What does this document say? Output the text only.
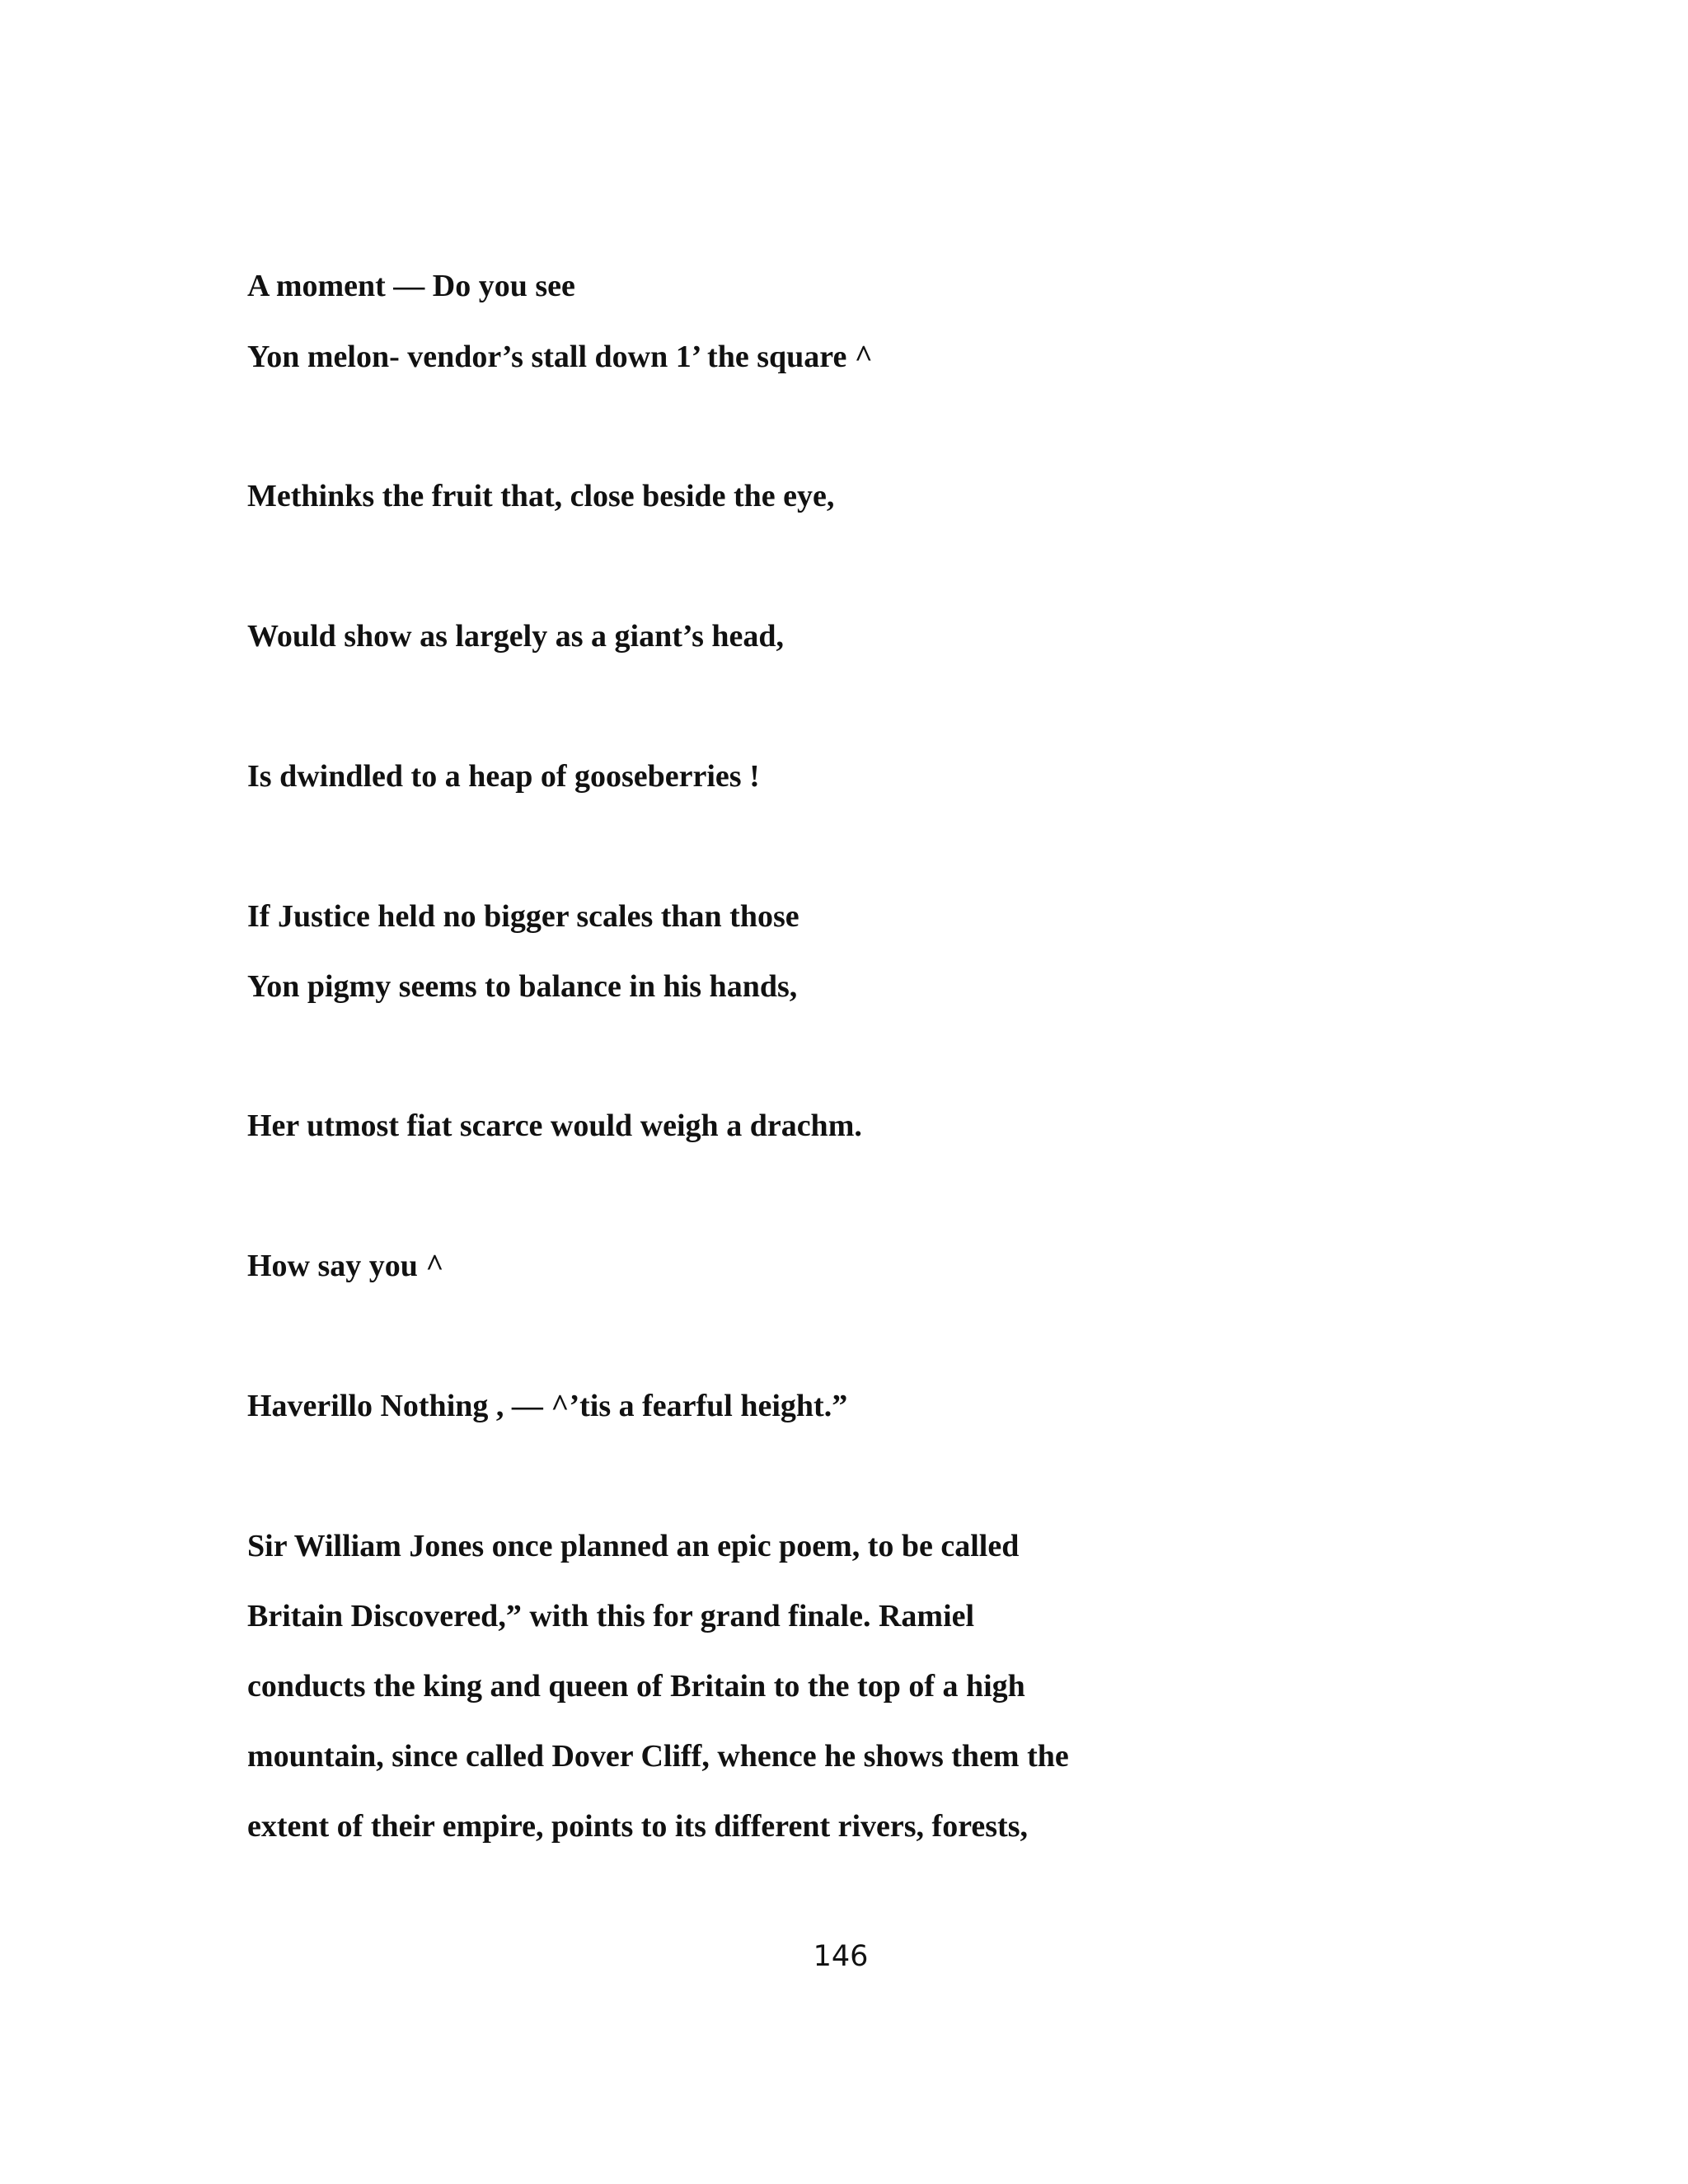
A moment — Do you see
Yon melon- vendor’s stall down 1’ the square ^
Methinks the fruit that, close beside the eye,
Would show as largely as a giant’s head,
Is dwindled to a heap of gooseberries !
If Justice held no bigger scales than those
Yon pigmy seems to balance in his hands,
Her utmost fiat scarce would weigh a drachm.
How say you ^
Haverillo Nothing , — ^’tis a fearful height.”
Sir William Jones once planned an epic poem, to be called
Britain Discovered,” with this for grand finale. Ramiel
conducts the king and queen of Britain to the top of a high
mountain, since called Dover Cliff, whence he shows them the
extent of their empire, points to its different rivers, forests,
146
